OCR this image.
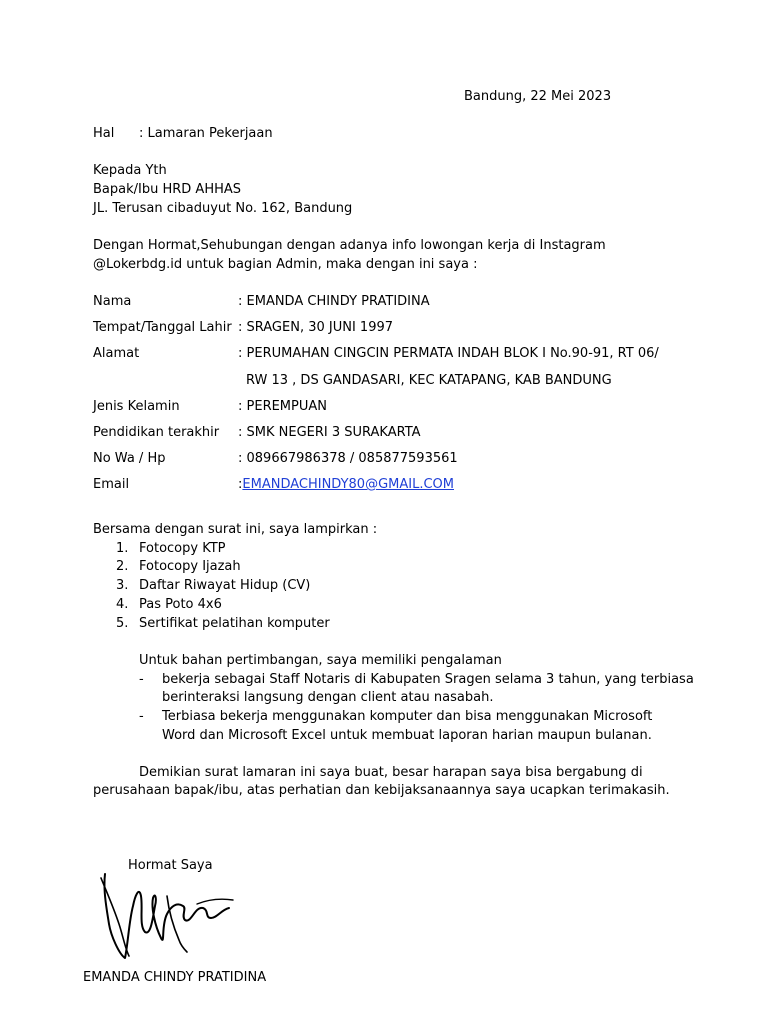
Bandung, 22 Mei 2023
Hal : Lamaran Pekerjaan
Kepada Yth
Bapak/Ibu HRD AHHAS
JL. Terusan cibaduyut No. 162, Bandung
Dengan Hormat,Sehubungan dengan adanya info lowongan kerja di Instagram
@Lokerbdg.id untuk bagian Admin, maka dengan ini saya :
Nama	: EMANDA CHINDY PRATIDINA
Tempat/Tanggal Lahir : SRAGEN, 30 JUNI 1997
Alamat	: PERUMAHAN CINGCIN PERMATA INDAH BLOK I No.90-91, RT 06/
RW 13 , DS GANDASARI, KEC KATAPANG, KAB BANDUNG
Jenis Kelamin	: PEREMPUAN
Pendidikan terakhir : SMK NEGERI 3 SURAKARTA
No Wa / Hp	: 089667986378 / 085877593561
Email	:EMANDACHINDY80@GMAIL.COM
Bersama dengan surat ini, saya lampirkan :
1. Fotocopy KTP
2. Fotocopy Ijazah
3. Daftar Riwayat Hidup (CV)
4. Pas Poto 4x6
5. Sertifikat pelatihan komputer
Untuk bahan pertimbangan, saya memiliki pengalaman
- bekerja sebagai Staff Notaris di Kabupaten Sragen selama 3 tahun, yang terbiasa
berinteraksi langsung dengan client atau nasabah.
- Terbiasa bekerja menggunakan komputer dan bisa menggunakan Microsoft
Word dan Microsoft Excel untuk membuat laporan harian maupun bulanan.
Demikian surat lamaran ini saya buat, besar harapan saya bisa bergabung di
perusahaan bapak/ibu, atas perhatian dan kebijaksanaannya saya ucapkan terimakasih.
Hormat Saya
EMANDA CHINDY PRATIDINA
